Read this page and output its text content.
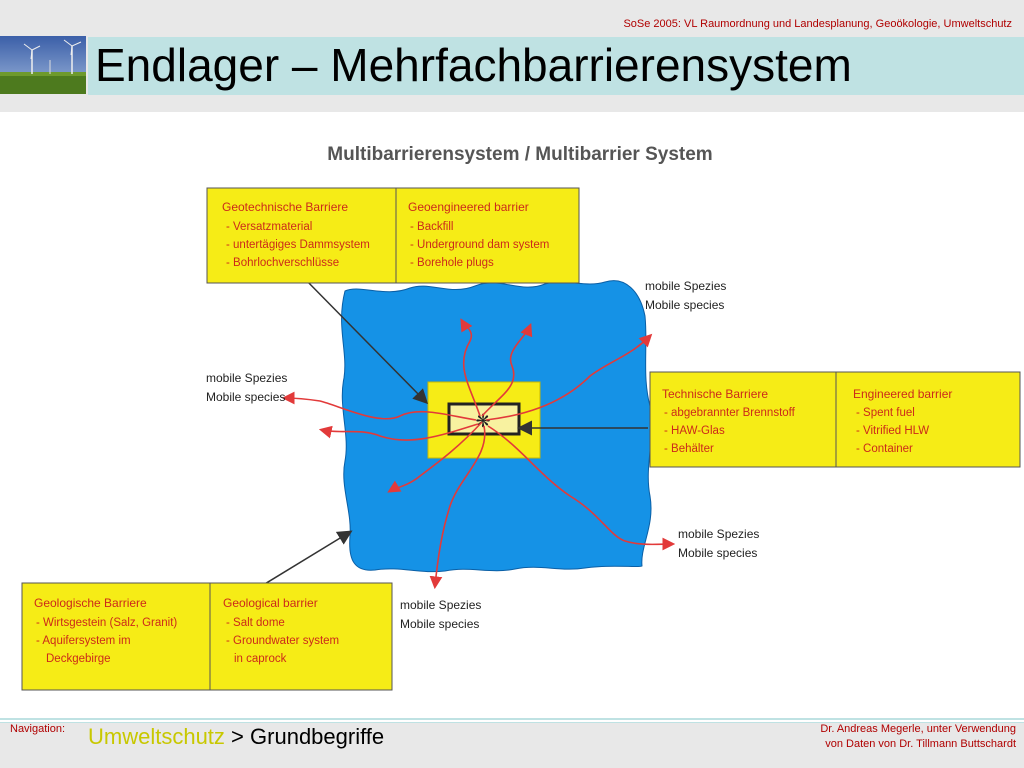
SoSe 2005: VL Raumordnung und Landesplanung, Geoökologie, Umweltschutz
Endlager – Mehrfachbarrierensystem
Multibarrierensystem / Multibarrier System
❋
Geotechnische Barriere
- Versatzmaterial
- untertägiges Dammsystem
- Bohrlochverschlüsse
Geoengineered barrier
- Backfill
- Underground dam system
- Borehole plugs
Technische Barriere
- abgebrannter Brennstoff
- HAW-Glas
- Behälter
Engineered barrier
- Spent fuel
- Vitrified HLW
- Container
Geologische Barriere
- Wirtsgestein (Salz, Granit)
- Aquifersystem im
Deckgebirge
Geological barrier
- Salt dome
- Groundwater system
in caprock
mobile Spezies
Mobile species
mobile Spezies
Mobile species
mobile Spezies
Mobile species
mobile Spezies
Mobile species
Navigation: Umweltschutz > Grundbegriffe	Dr. Andreas Megerle, unter Verwendung
von Daten von Dr. Tillmann Buttschardt
